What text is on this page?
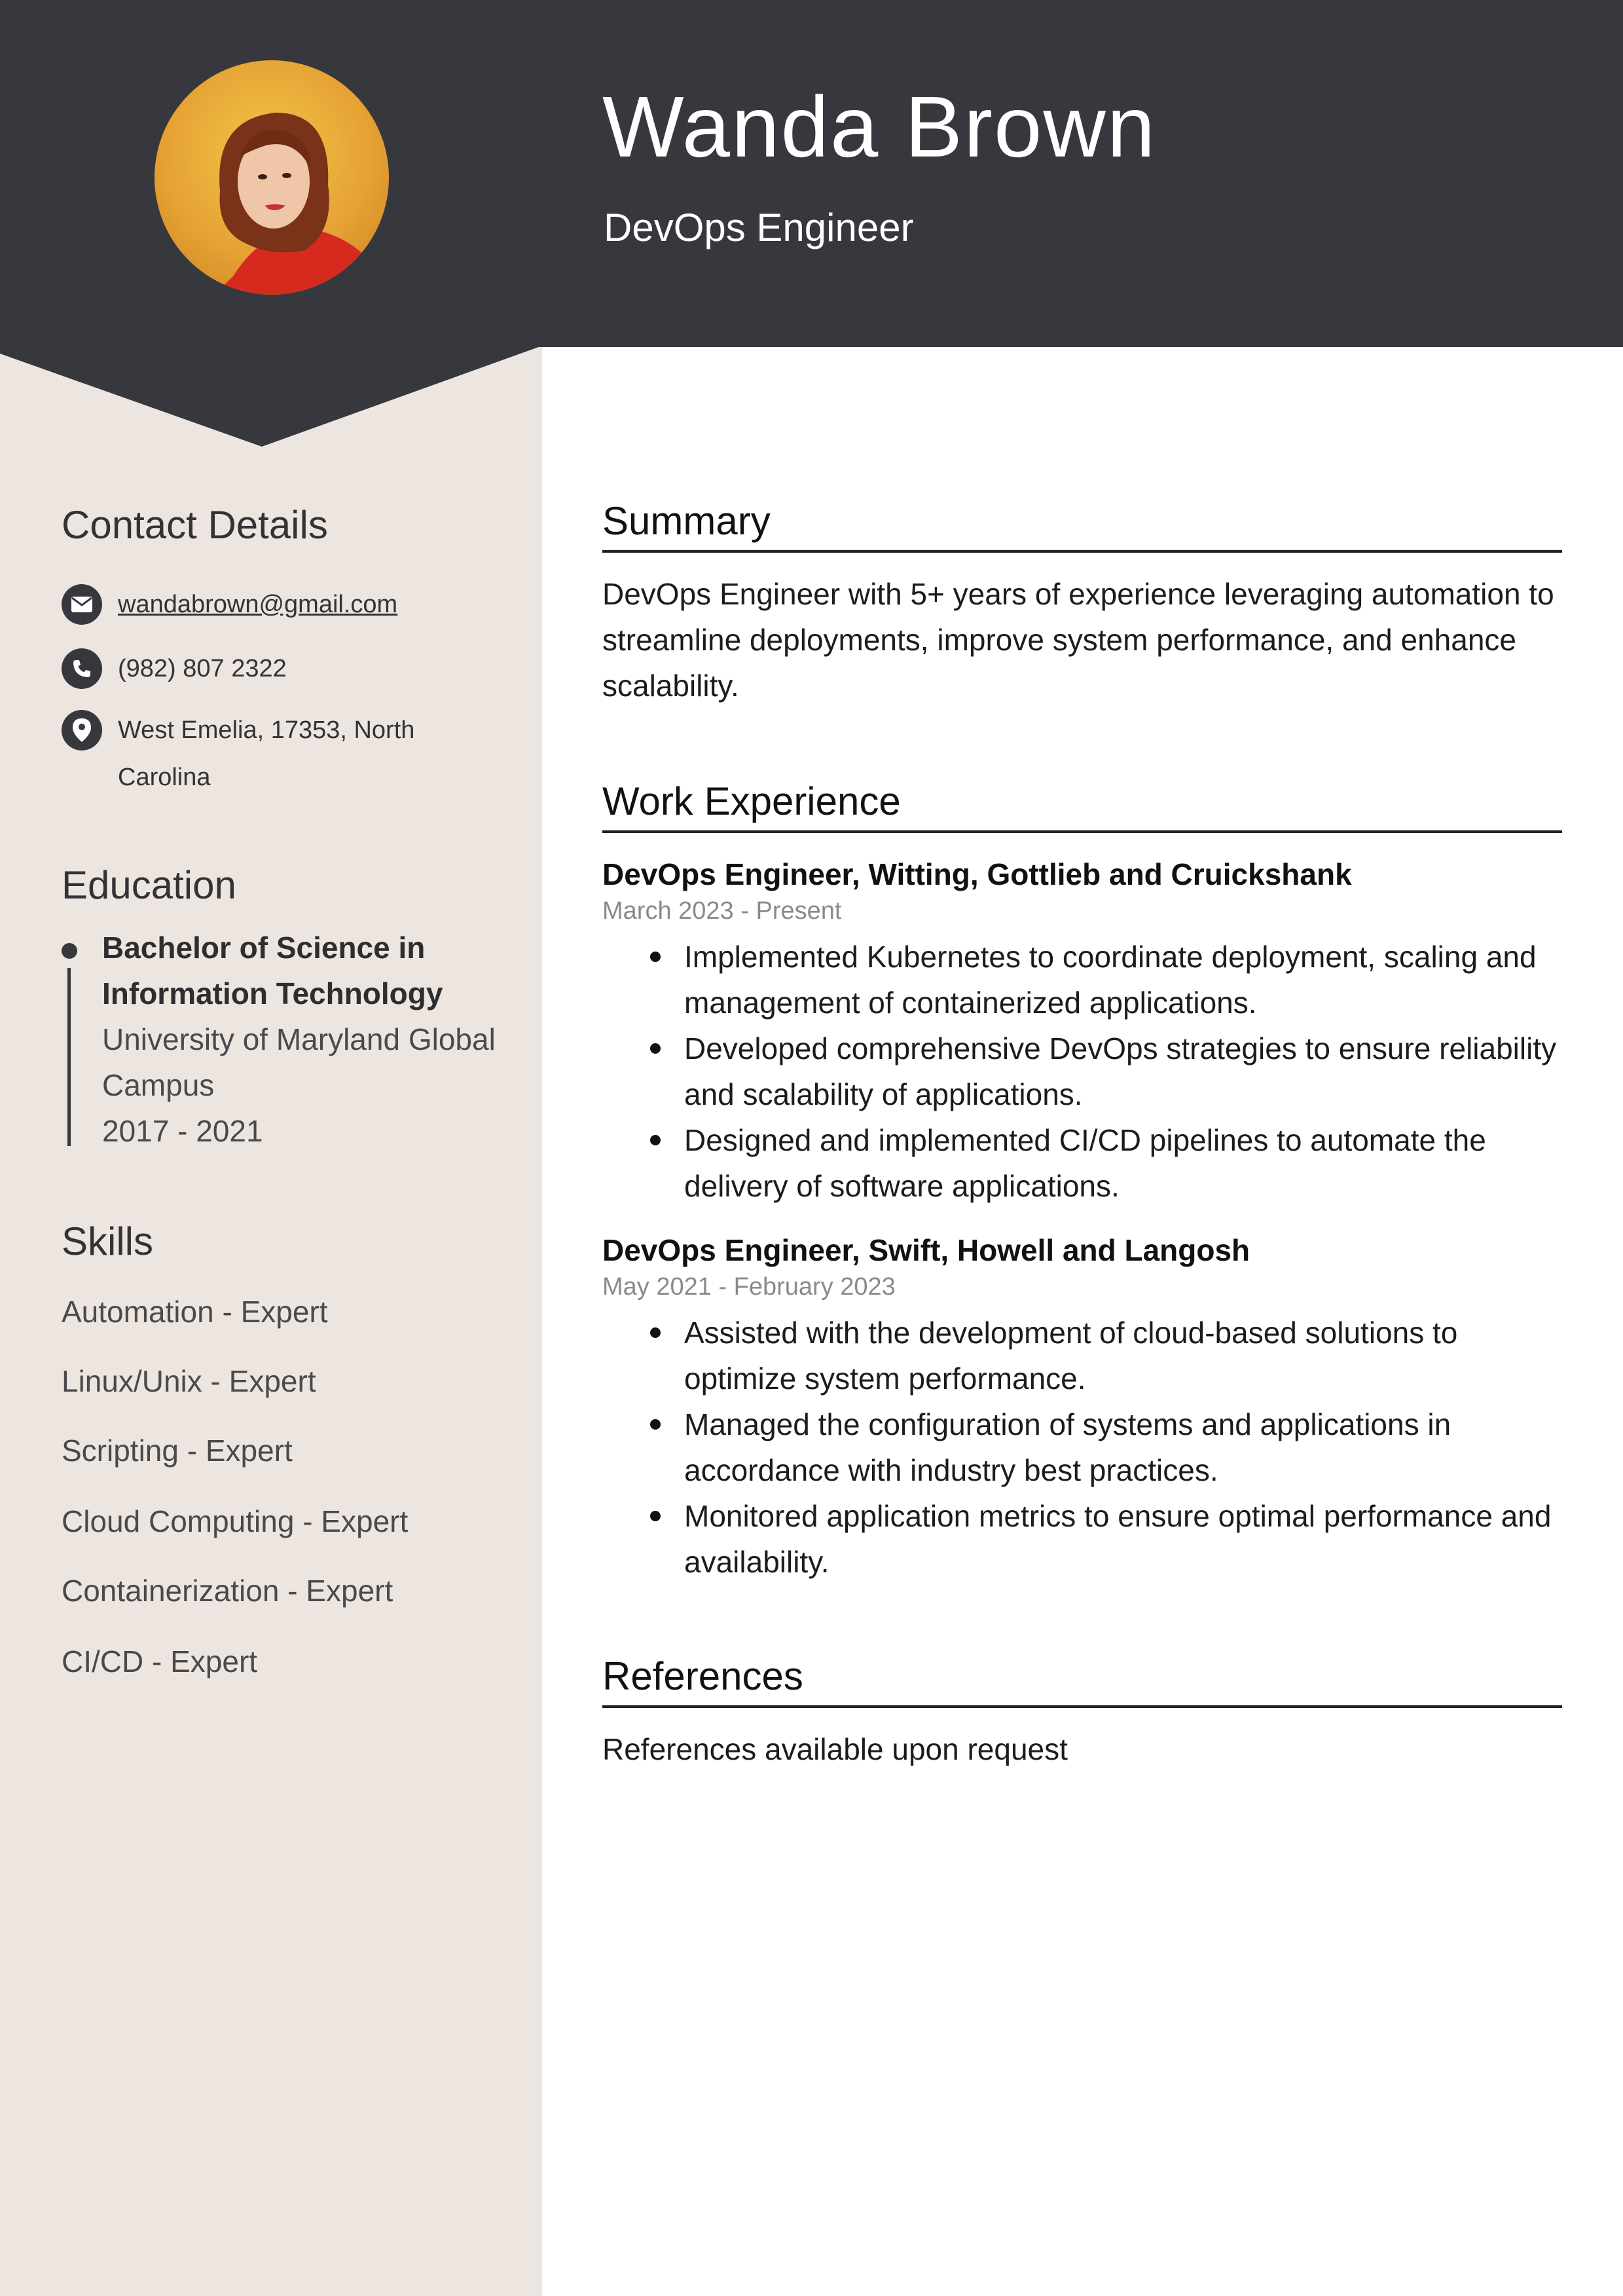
Wanda Brown
DevOps Engineer
Contact Details
wandabrown@gmail.com
(982) 807 2322
West Emelia, 17353, North Carolina
Education
Bachelor of Science in Information Technology
University of Maryland Global Campus
2017 - 2021
Skills
Automation - Expert
Linux/Unix - Expert
Scripting - Expert
Cloud Computing - Expert
Containerization - Expert
CI/CD - Expert
Summary
DevOps Engineer with 5+ years of experience leveraging automation to streamline deployments, improve system performance, and enhance scalability.
Work Experience
DevOps Engineer, Witting, Gottlieb and Cruickshank
March 2023 - Present
Implemented Kubernetes to coordinate deployment, scaling and management of containerized applications.
Developed comprehensive DevOps strategies to ensure reliability and scalability of applications.
Designed and implemented CI/CD pipelines to automate the delivery of software applications.
DevOps Engineer, Swift, Howell and Langosh
May 2021 - February 2023
Assisted with the development of cloud-based solutions to optimize system performance.
Managed the configuration of systems and applications in accordance with industry best practices.
Monitored application metrics to ensure optimal performance and availability.
References
References available upon request
